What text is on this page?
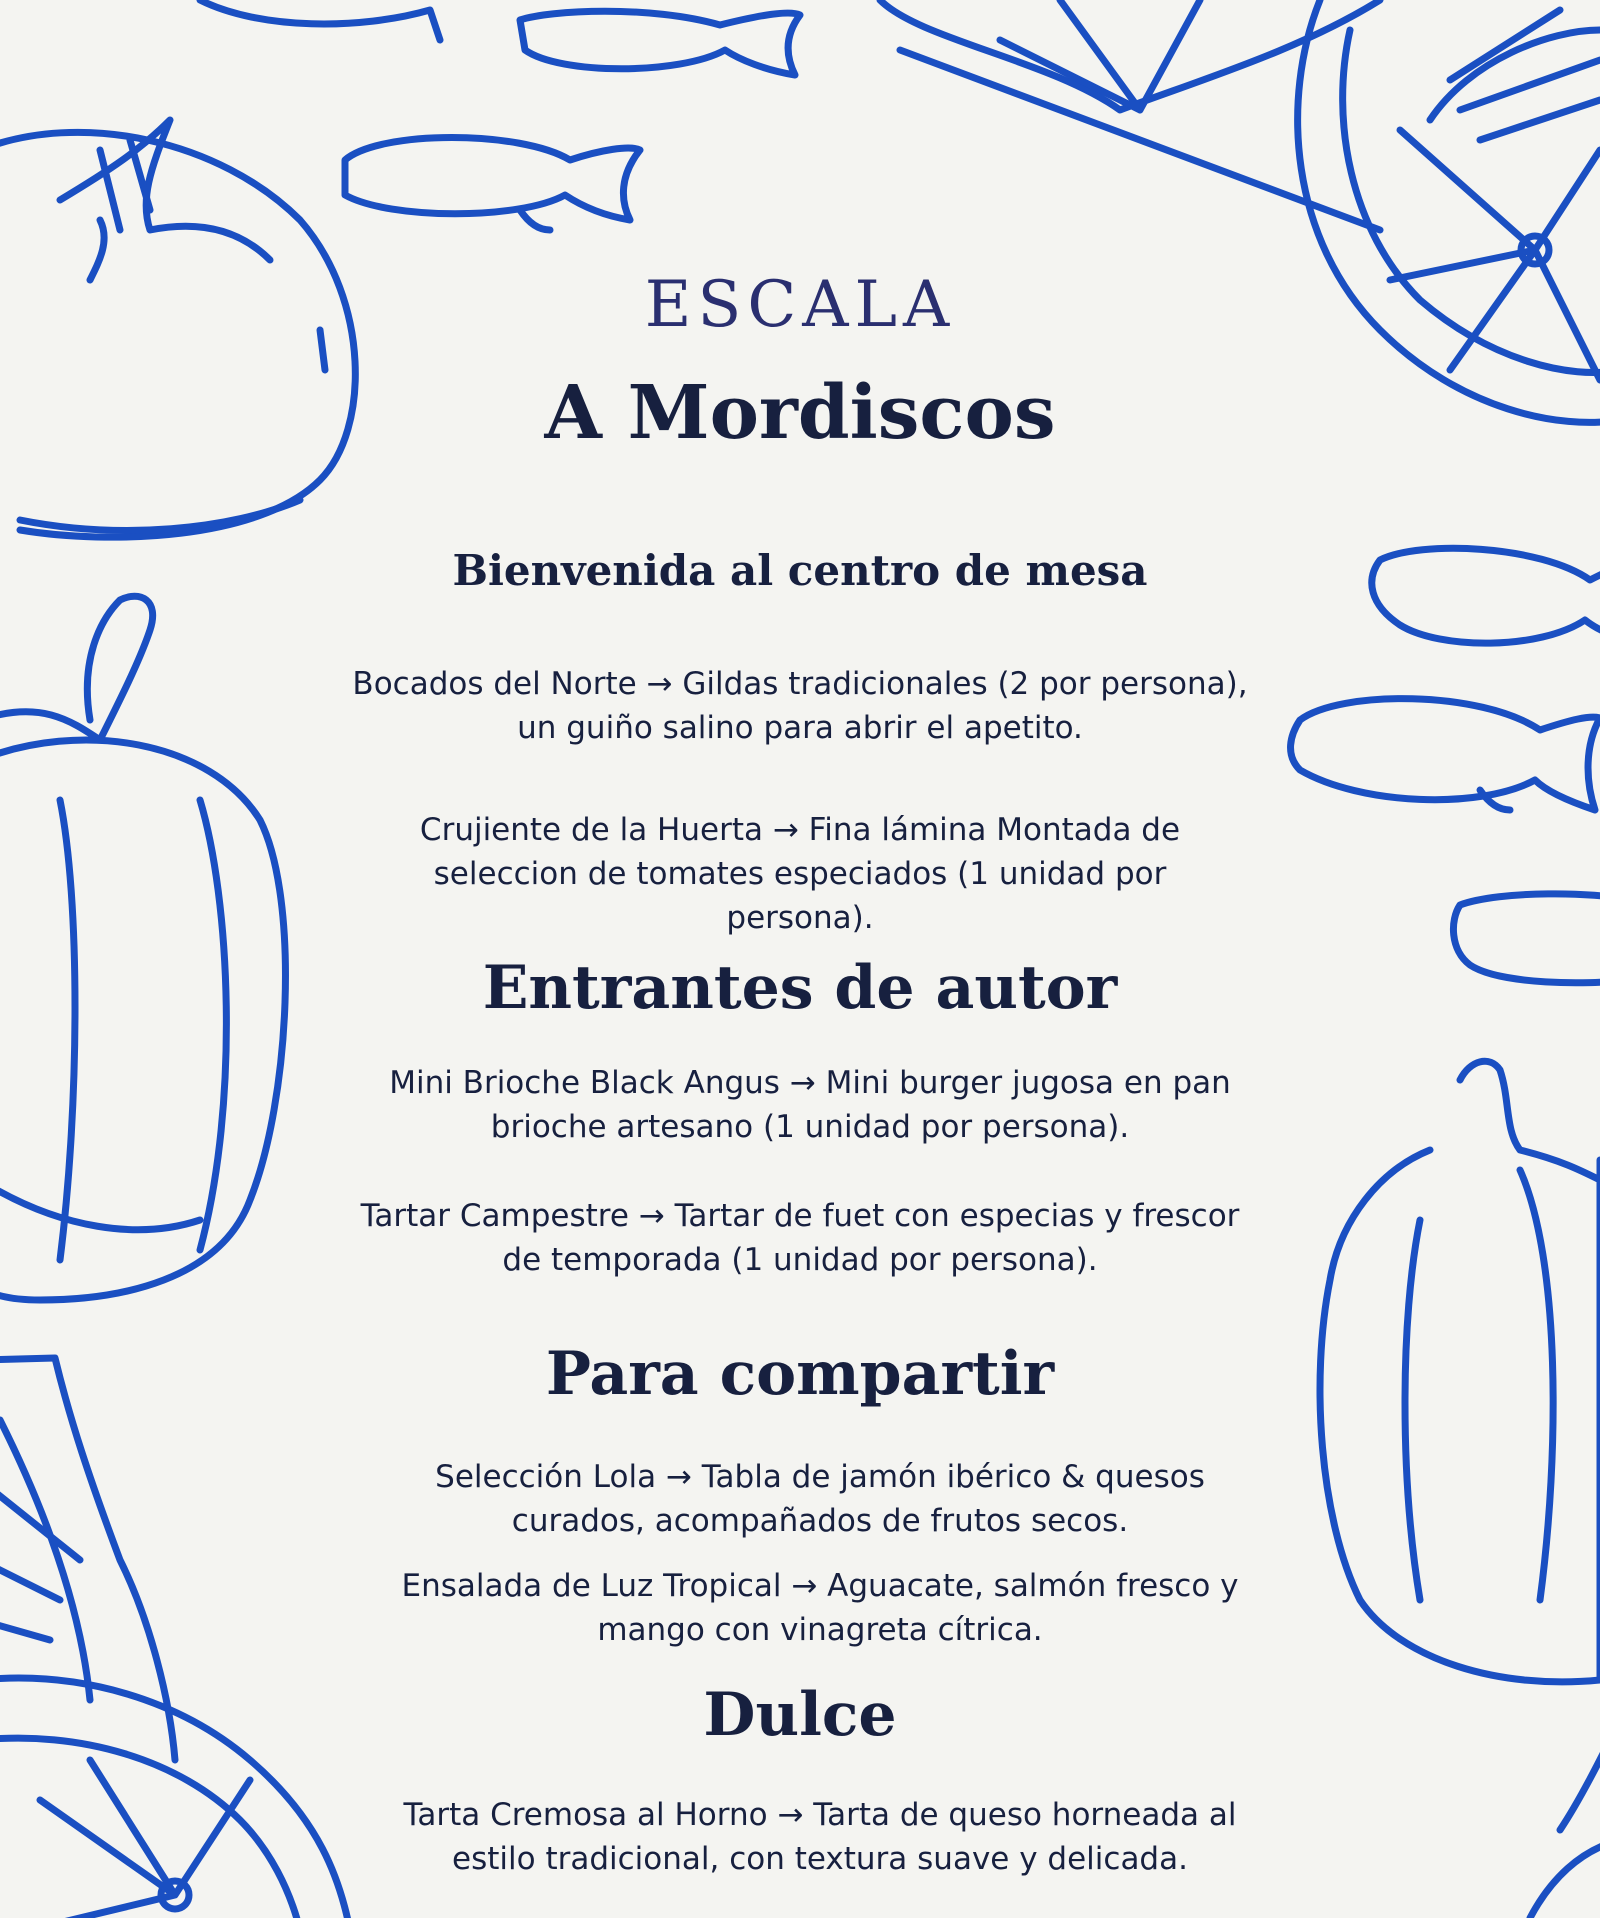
ESCALA
A Mordiscos
Bienvenida al centro de mesa
Bocados del Norte → Gildas tradicionales (2 por persona), un guiño salino para abrir el apetito.
Crujiente de la Huerta → Fina lámina Montada de seleccion de tomates especiados (1 unidad por persona).
Entrantes de autor
Mini Brioche Black Angus → Mini burger jugosa en pan brioche artesano (1 unidad por persona).
Tartar Campestre → Tartar de fuet con especias y frescor de temporada (1 unidad por persona).
Para compartir
Selección Lola → Tabla de jamón ibérico & quesos curados, acompañados de frutos secos.
Ensalada de Luz Tropical → Aguacate, salmón fresco y mango con vinagreta cítrica.
Dulce
Tarta Cremosa al Horno → Tarta de queso horneada al estilo tradicional, con textura suave y delicada.
